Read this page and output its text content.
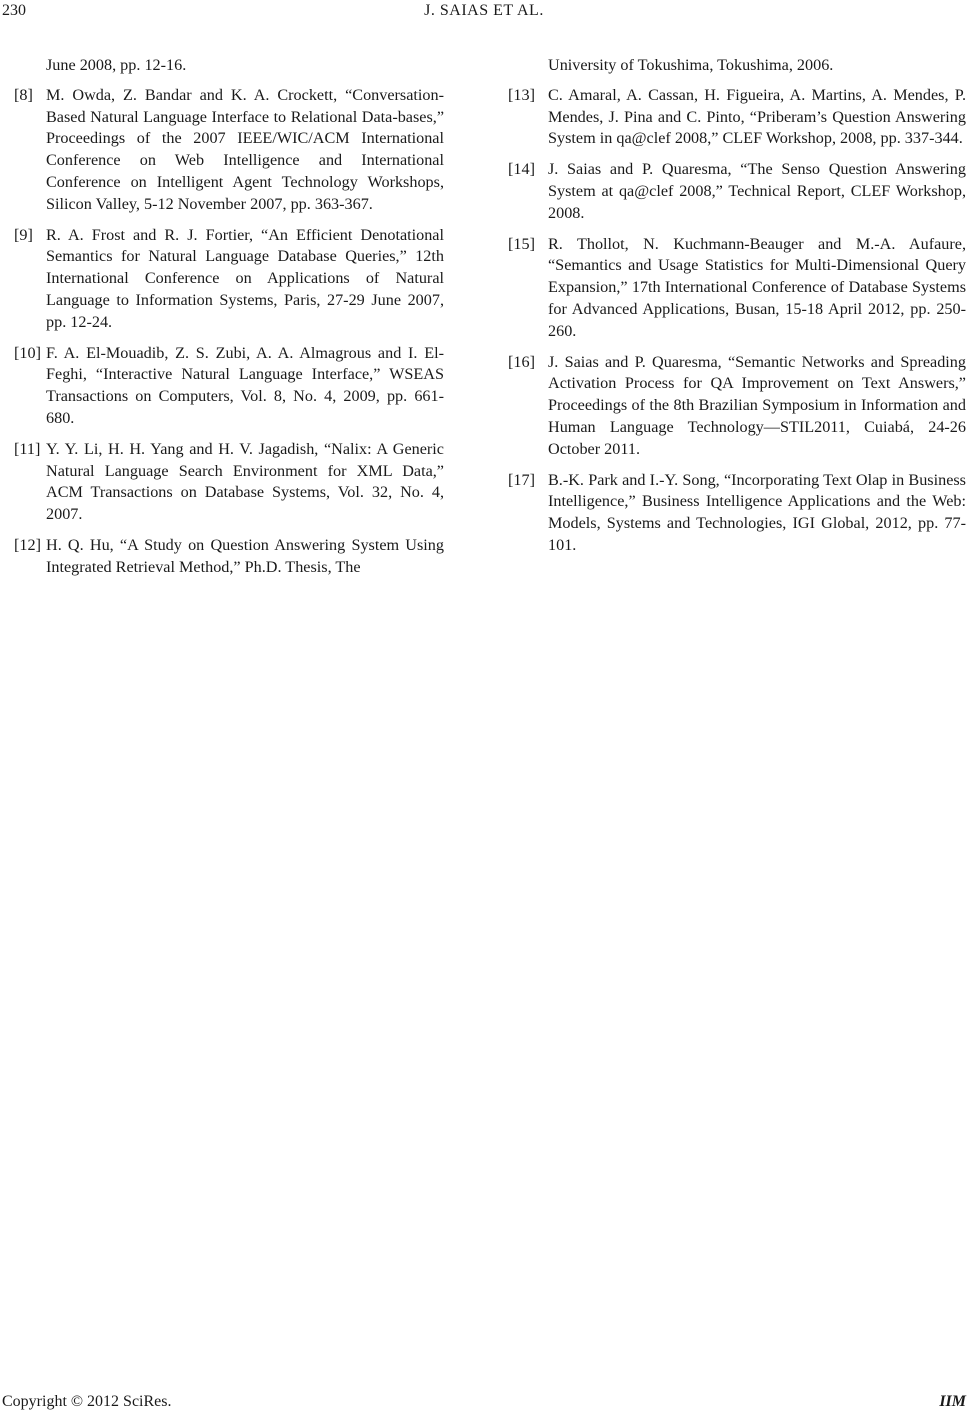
230	J. SAIAS ET AL.
June 2008, pp. 12-16.
[8] M. Owda, Z. Bandar and K. A. Crockett, “Conversation-Based Natural Language Interface to Relational Data-bases,” Proceedings of the 2007 IEEE/WIC/ACM International Conference on Web Intelligence and International Conference on Intelligent Agent Technology Workshops, Silicon Valley, 5-12 November 2007, pp. 363-367.
[9] R. A. Frost and R. J. Fortier, “An Efficient Denotational Semantics for Natural Language Database Queries,” 12th International Conference on Applications of Natural Language to Information Systems, Paris, 27-29 June 2007, pp. 12-24.
[10] F. A. El-Mouadib, Z. S. Zubi, A. A. Almagrous and I. El-Feghi, “Interactive Natural Language Interface,” WSEAS Transactions on Computers, Vol. 8, No. 4, 2009, pp. 661-680.
[11] Y. Y. Li, H. H. Yang and H. V. Jagadish, “Nalix: A Generic Natural Language Search Environment for XML Data,” ACM Transactions on Database Systems, Vol. 32, No. 4, 2007.
[12] H. Q. Hu, “A Study on Question Answering System Using Integrated Retrieval Method,” Ph.D. Thesis, The
University of Tokushima, Tokushima, 2006.
[13] C. Amaral, A. Cassan, H. Figueira, A. Martins, A. Mendes, P. Mendes, J. Pina and C. Pinto, “Priberam’s Question Answering System in qa@clef 2008,” CLEF Workshop, 2008, pp. 337-344.
[14] J. Saias and P. Quaresma, “The Senso Question Answering System at qa@clef 2008,” Technical Report, CLEF Workshop, 2008.
[15] R. Thollot, N. Kuchmann-Beauger and M.-A. Aufaure, “Semantics and Usage Statistics for Multi-Dimensional Query Expansion,” 17th International Conference of Database Systems for Advanced Applications, Busan, 15-18 April 2012, pp. 250-260.
[16] J. Saias and P. Quaresma, “Semantic Networks and Spreading Activation Process for QA Improvement on Text Answers,” Proceedings of the 8th Brazilian Symposium in Information and Human Language Technology—STIL2011, Cuiabá, 24-26 October 2011.
[17] B.-K. Park and I.-Y. Song, “Incorporating Text Olap in Business Intelligence,” Business Intelligence Applications and the Web: Models, Systems and Technologies, IGI Global, 2012, pp. 77-101.
Copyright © 2012 SciRes.	IIM
